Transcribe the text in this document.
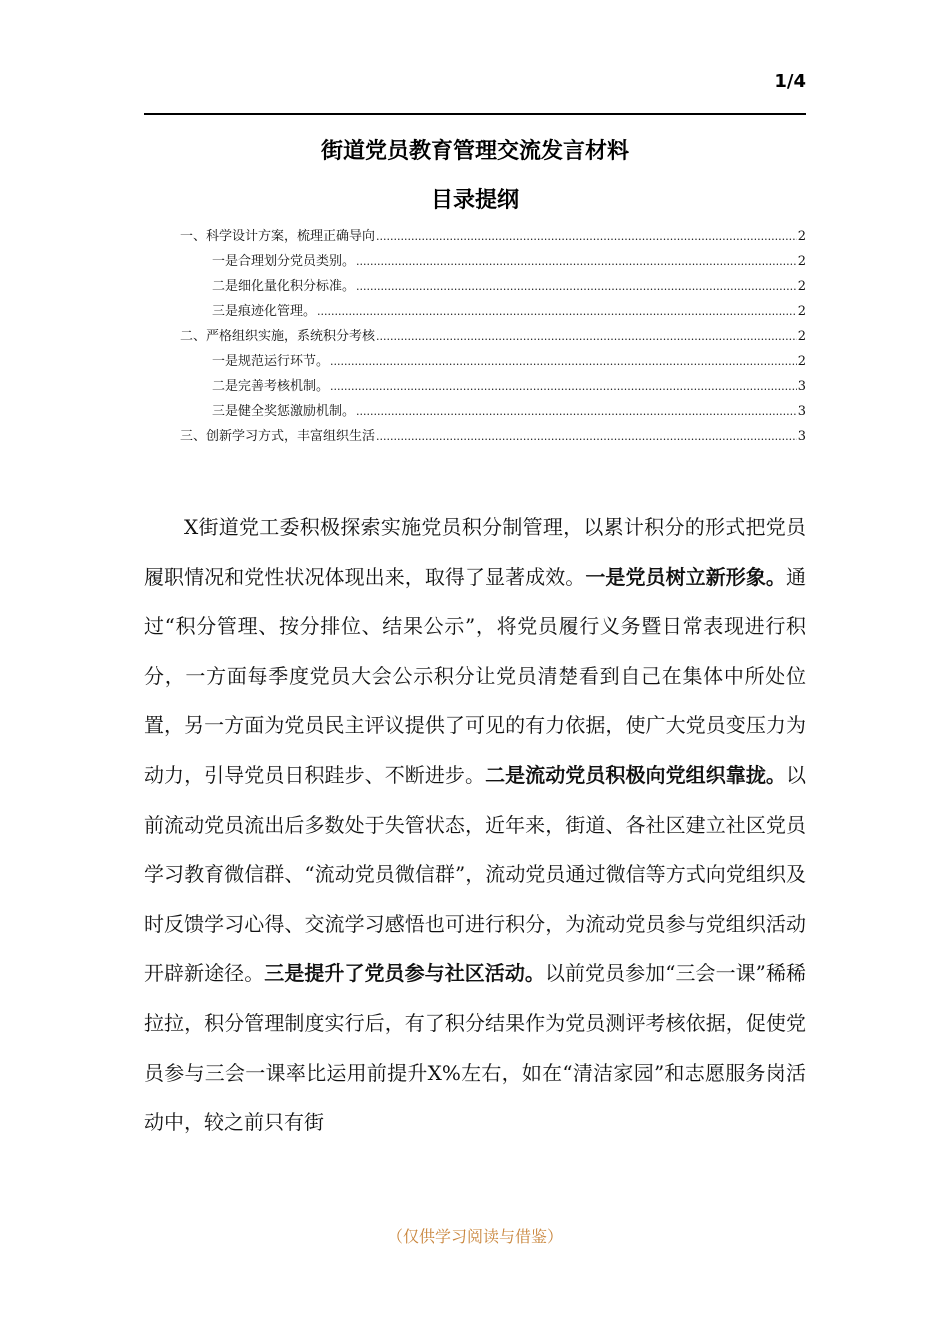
1/4
街道党员教育管理交流发言材料
目录提纲
一、科学设计方案，梳理正确导向 .....	2
一是合理划分党员类别。 .....	2
二是细化量化积分标准。 .....	2
三是痕迹化管理。 .....	2
二、严格组织实施，系统积分考核 .....	2
一是规范运行环节。 .....	2
二是完善考核机制。 .....	3
三是健全奖惩激励机制。 .....	3
三、创新学习方式，丰富组织生活 .....	3

X街道党工委积极探索实施党员积分制管理，以累计积分的形式把党员履职情况和党性状况体现出来，取得了显著成效。一是党员树立新形象。通过“积分管理、按分排位、结果公示”，将党员履行义务暨日常表现进行积分，一方面每季度党员大会公示积分让党员清楚看到自己在集体中所处位置，另一方面为党员民主评议提供了可见的有力依据，使广大党员变压力为动力，引导党员日积跬步、不断进步。二是流动党员积极向党组织靠拢。以前流动党员流出后多数处于失管状态，近年来，街道、各社区建立社区党员学习教育微信群、“流动党员微信群”，流动党员通过微信等方式向党组织及时反馈学习心得、交流学习感悟也可进行积分，为流动党员参与党组织活动开辟新途径。三是提升了党员参与社区活动。以前党员参加“三会一课”稀稀拉拉，积分管理制度实行后，有了积分结果作为党员测评考核依据，促使党员参与三会一课率比运用前提升X%左右，如在“清洁家园”和志愿服务岗活动中，较之前只有街

（仅供学习阅读与借鉴）
